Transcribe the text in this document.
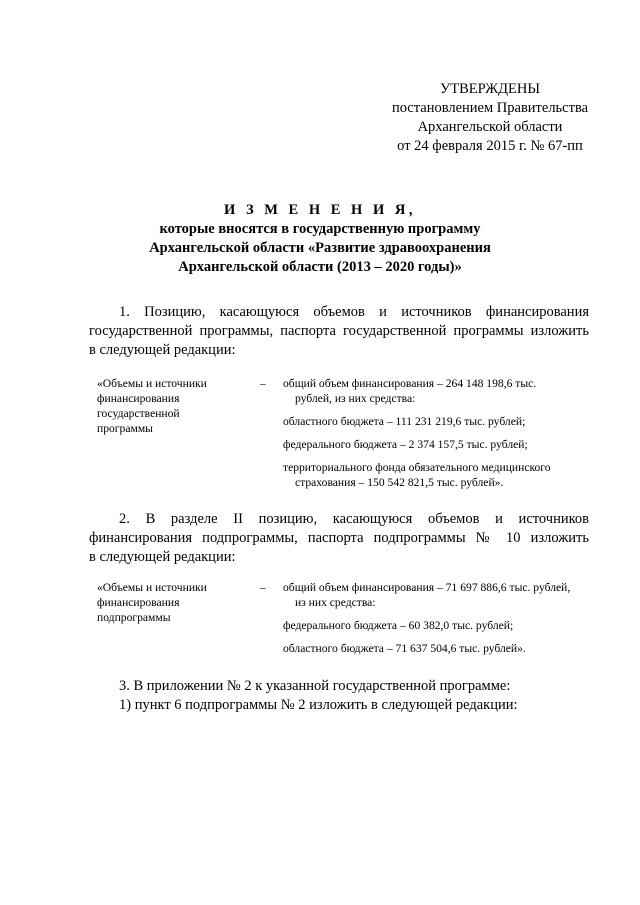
УТВЕРЖДЕНЫ
постановлением Правительства
Архангельской области
от 24 февраля 2015 г. № 67-пп
И З М Е Н Е Н И Я,
которые вносятся в государственную программу
Архангельской области «Развитие здравоохранения
Архангельской области (2013 – 2020 годы)»
1. Позицию, касающуюся объемов и источников финансирования
государственной программы, паспорта государственной программы изложить
в следующей редакции:
«Объемы и источники
финансирования
государственной
программы
– общий объем финансирования – 264 148 198,6 тыс.
рублей, из них средства:
областного бюджета – 111 231 219,6 тыс. рублей;
федерального бюджета – 2 374 157,5 тыс. рублей;
территориального фонда обязательного медицинского
страхования – 150 542 821,5 тыс. рублей».
2. В разделе II позицию, касающуюся объемов и источников
финансирования подпрограммы, паспорта подпрограммы № 10 изложить
в следующей редакции:
«Объемы и источники
финансирования
подпрограммы
– общий объем финансирования – 71 697 886,6 тыс. рублей,
из них средства:
федерального бюджета – 60 382,0 тыс. рублей;
областного бюджета – 71 637 504,6 тыс. рублей».
3. В приложении № 2 к указанной государственной программе:
1) пункт 6 подпрограммы № 2 изложить в следующей редакции:
